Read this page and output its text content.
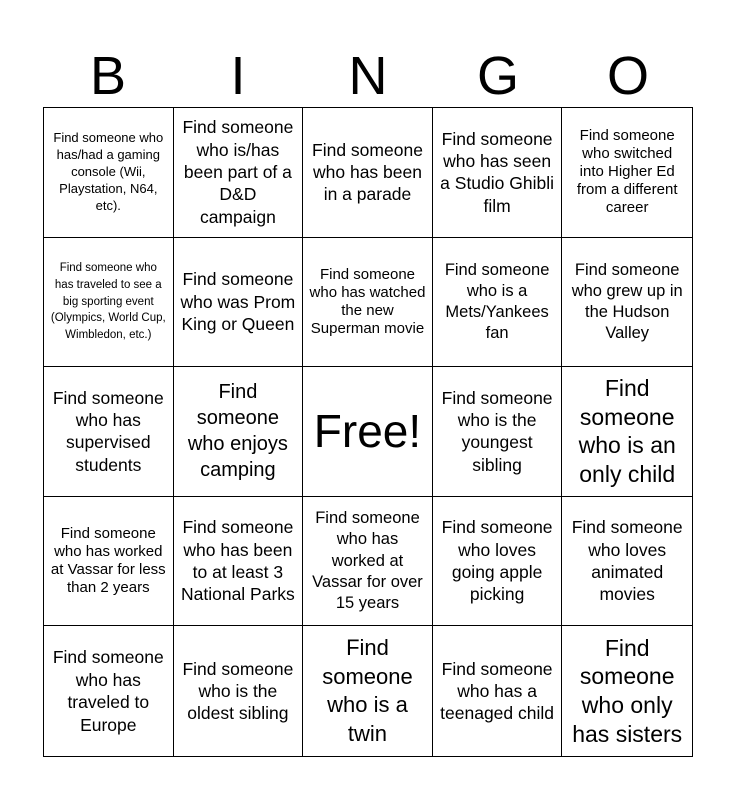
B	I	N	G	O
Find someone who has/had a gaming console (Wii, Playstation, N64, etc).
Find someone who is/has been part of a D&D campaign
Find someone who has been in a parade
Find someone who has seen a Studio Ghibli film
Find someone who switched into Higher Ed from a different career
Find someone who has traveled to see a big sporting event (Olympics, World Cup, Wimbledon, etc.)
Find someone who was Prom King or Queen
Find someone who has watched the new Superman movie
Find someone who is a Mets/Yankees fan
Find someone who grew up in the Hudson Valley
Find someone who has supervised students
Find someone who enjoys camping
Free!
Find someone who is the youngest sibling
Find someone who is an only child
Find someone who has worked at Vassar for less than 2 years
Find someone who has been to at least 3 National Parks
Find someone who has worked at Vassar for over 15 years
Find someone who loves going apple picking
Find someone who loves animated movies
Find someone who has traveled to Europe
Find someone who is the oldest sibling
Find someone who is a twin
Find someone who has a teenaged child
Find someone who only has sisters
